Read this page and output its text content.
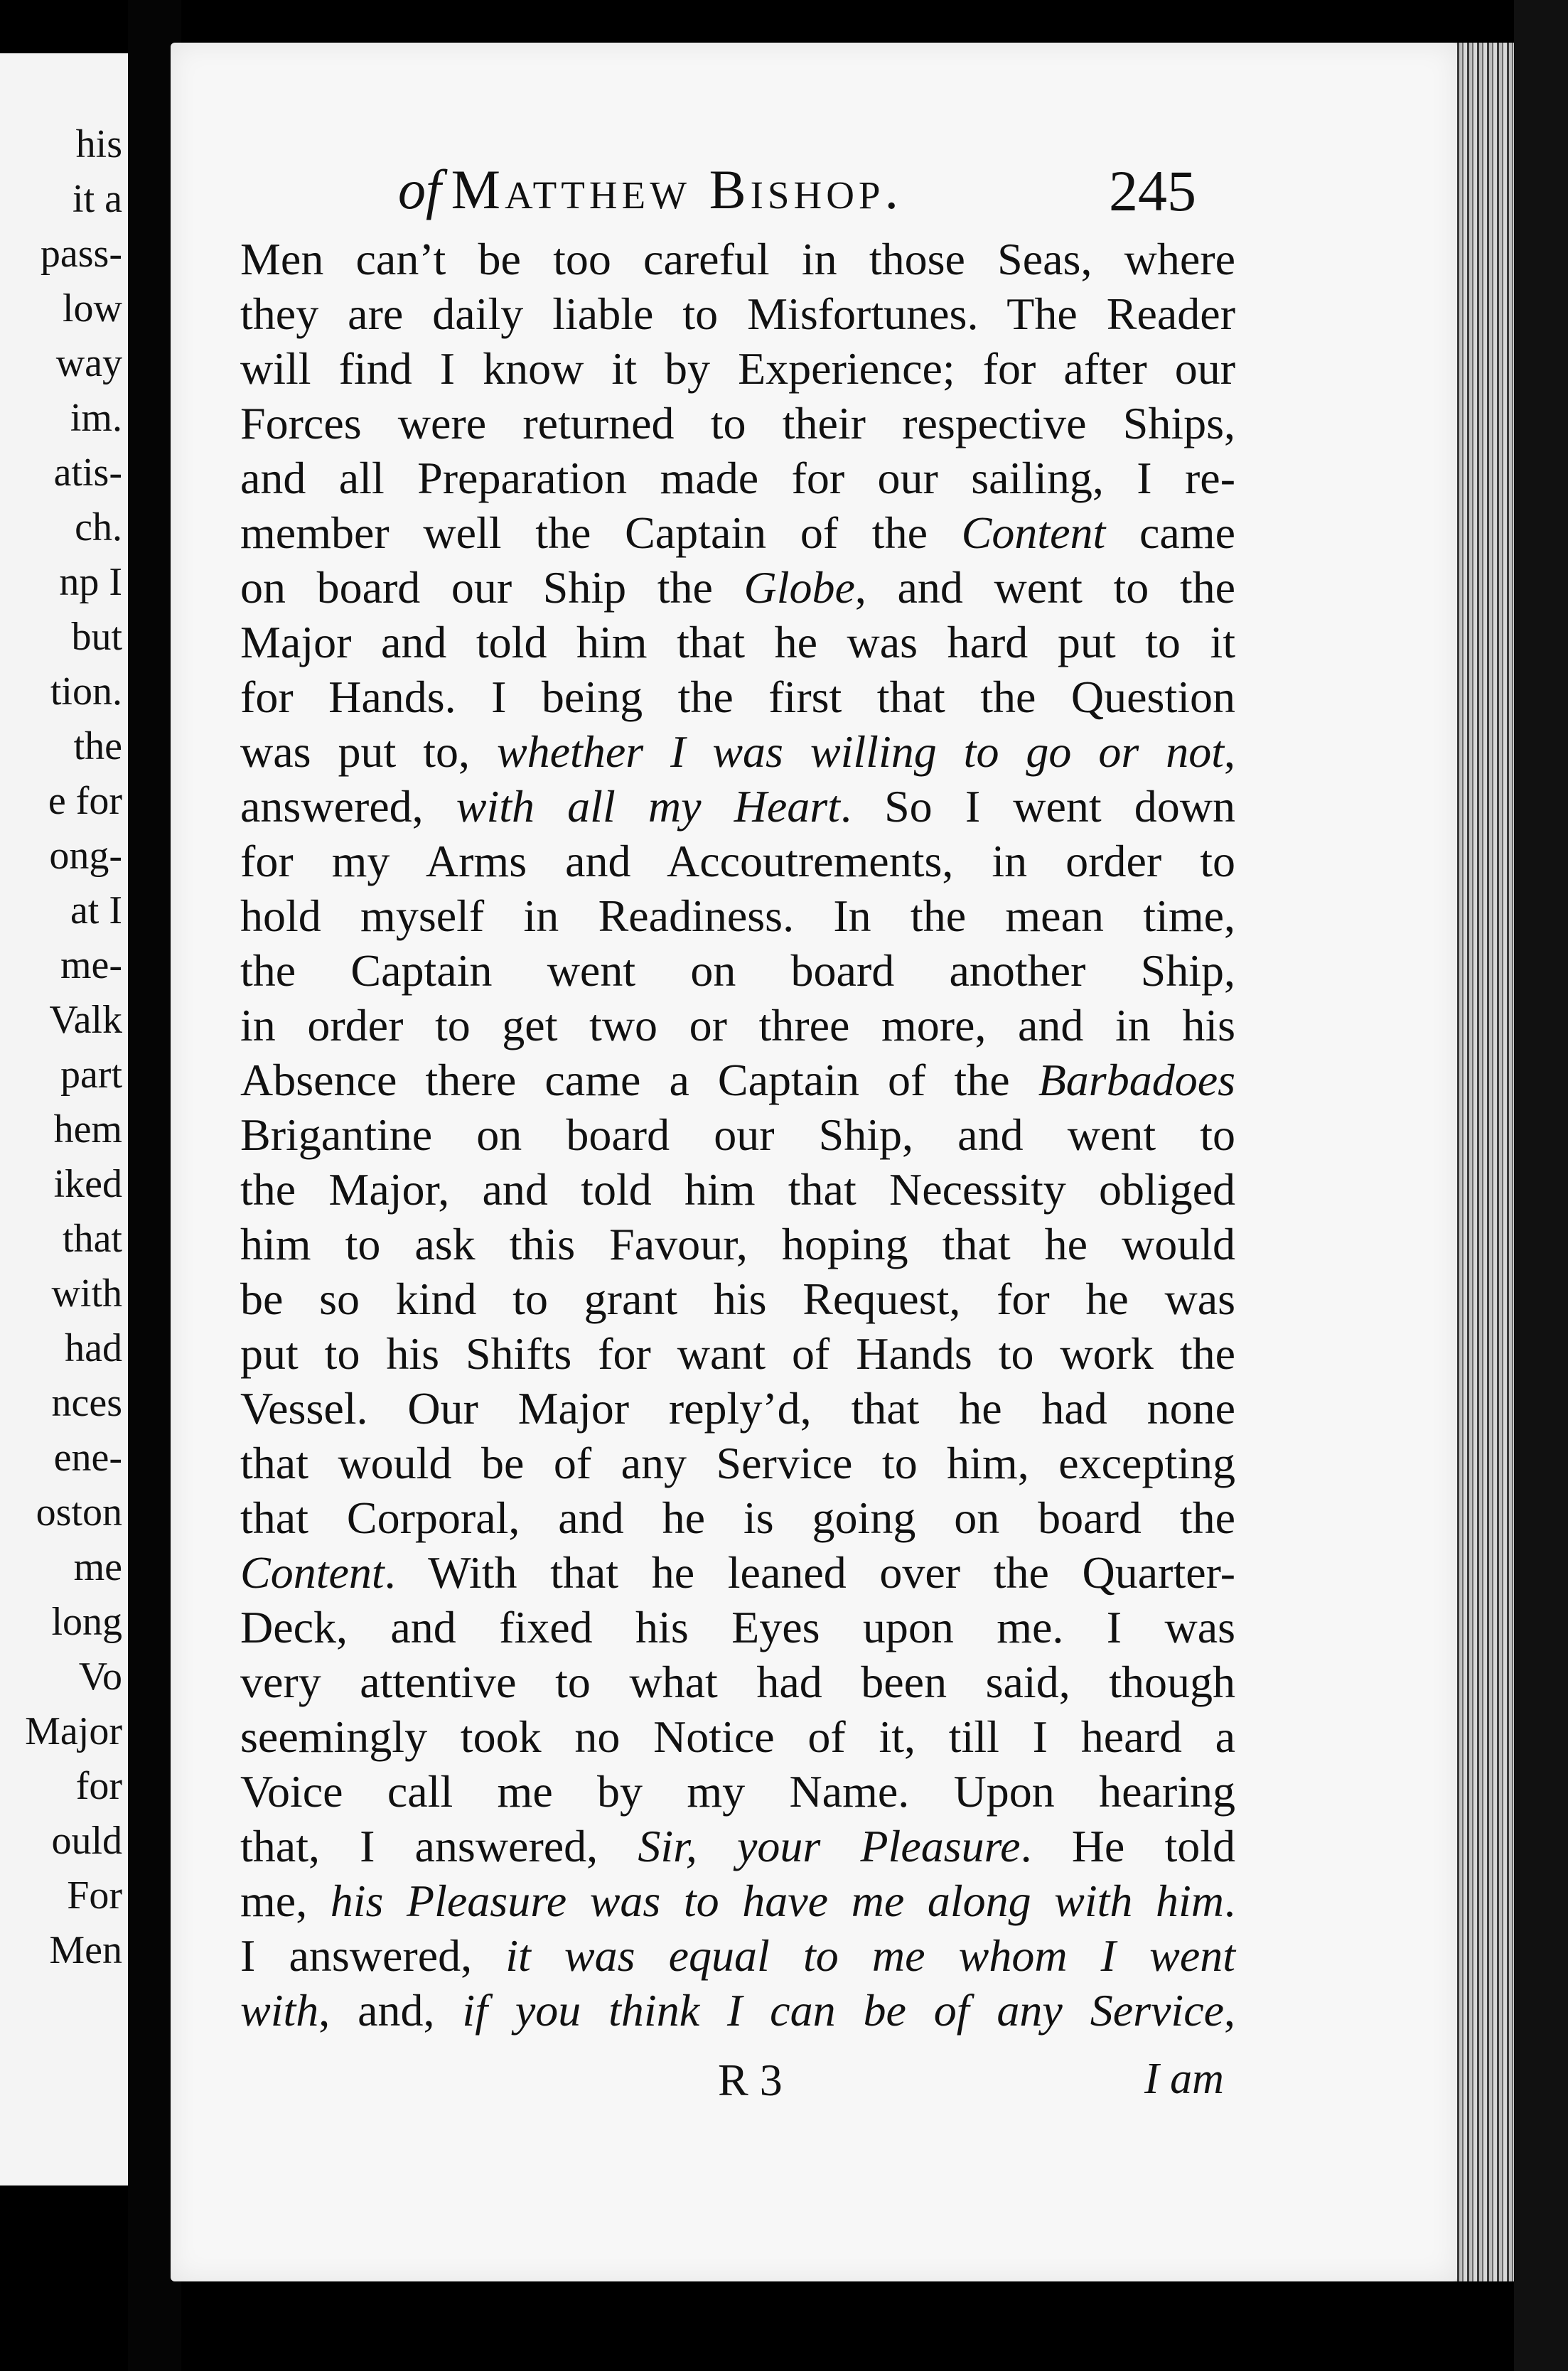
his
it a
pass-
low
way
im.
atis-
ch.
np I
but
tion.
the
e for
ong-
at I
me-
Valk
part
hem
iked
that
with
had
nces
ene-
oston
me
long
Vo
Major
for
ould
For
Men
of Matthew Bishop.	245
Men can’t be too careful in those Seas, where
they are daily liable to Misfortunes. The Reader
will find I know it by Experience; for after our
Forces were returned to their respective Ships,
and all Preparation made for our sailing, I re-
member well the Captain of the Content came
on board our Ship the Globe, and went to the
Major and told him that he was hard put to it
for Hands. I being the first that the Question
was put to, whether I was willing to go or not,
answered, with all my Heart. So I went down
for my Arms and Accoutrements, in order to
hold myself in Readiness. In the mean time,
the Captain went on board another Ship,
in order to get two or three more, and in his
Absence there came a Captain of the Barbadoes
Brigantine on board our Ship, and went to
the Major, and told him that Necessity obliged
him to ask this Favour, hoping that he would
be so kind to grant his Request, for he was
put to his Shifts for want of Hands to work the
Vessel. Our Major reply’d, that he had none
that would be of any Service to him, excepting
that Corporal, and he is going on board the
Content. With that he leaned over the Quarter-
Deck, and fixed his Eyes upon me. I was
very attentive to what had been said, though
seemingly took no Notice of it, till I heard a
Voice call me by my Name. Upon hearing
that, I answered, Sir, your Pleasure. He told
me, his Pleasure was to have me along with him.
I answered, it was equal to me whom I went
with, and, if you think I can be of any Service,
R 3	I am
